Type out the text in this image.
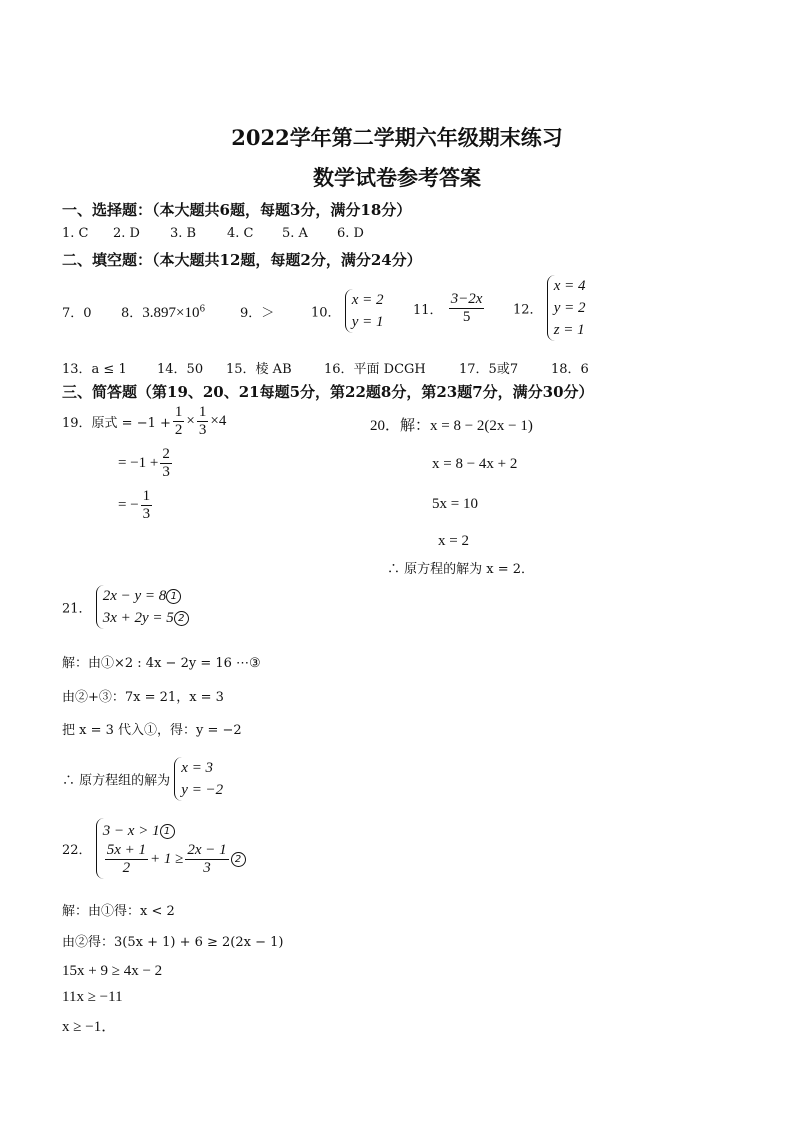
2022学年第二学期六年级期末练习
数学试卷参考答案
一、选择题：（本大题共6题，每题3分，满分18分）
1. C 2. D 3. B 4. C 5. A 6. D
二、填空题：（本大题共12题，每题2分，满分24分）
7．0 8．$3.897\times 10^6$	9．＞	10．
x = 2
y = 1
11． $\frac{3-2x}{5} 12$．
x = 4
y = 2
z = 1
13．a ≤ 1 14．50 15．棱 AB 16．平面 DCGH	17．5或7	18．6
三、简答题（第19、20、21每题5分，第22题8分，第23题7分，满分30分）
19．原式 = $-1 + \frac{1}{2} \times \frac{1}{3} \times 4$
= $-1 + \frac{2}{3}$
= − $\frac{1}{3}$
20．解：x = 8 − 2(2x − 1)
x = 8 − 4x + 2
5x = 10
x = 2
∴ 原方程的解为 x = 2．
21．
2x − y = 8 1
3x + 2y = 5 2
解：由①×2 : 4x − 2y = 16 ⋯③
由②+③：7x = 21，x = 3
把 x = 3 代入①，得：y = −2
∴ 原方程组的解为
x = 3
y = −2
22．
3 − x > 1 1
$\frac{5x + 1}{2} + 1 \ge \frac{2x - 1}{3} 2$
解：由①得：x < 2
由②得：3(5x + 1) + 6 ≥ 2(2x − 1)
15x + 9 ≥ 4x − 2
11x ≥ −11
x ≥ −1．
